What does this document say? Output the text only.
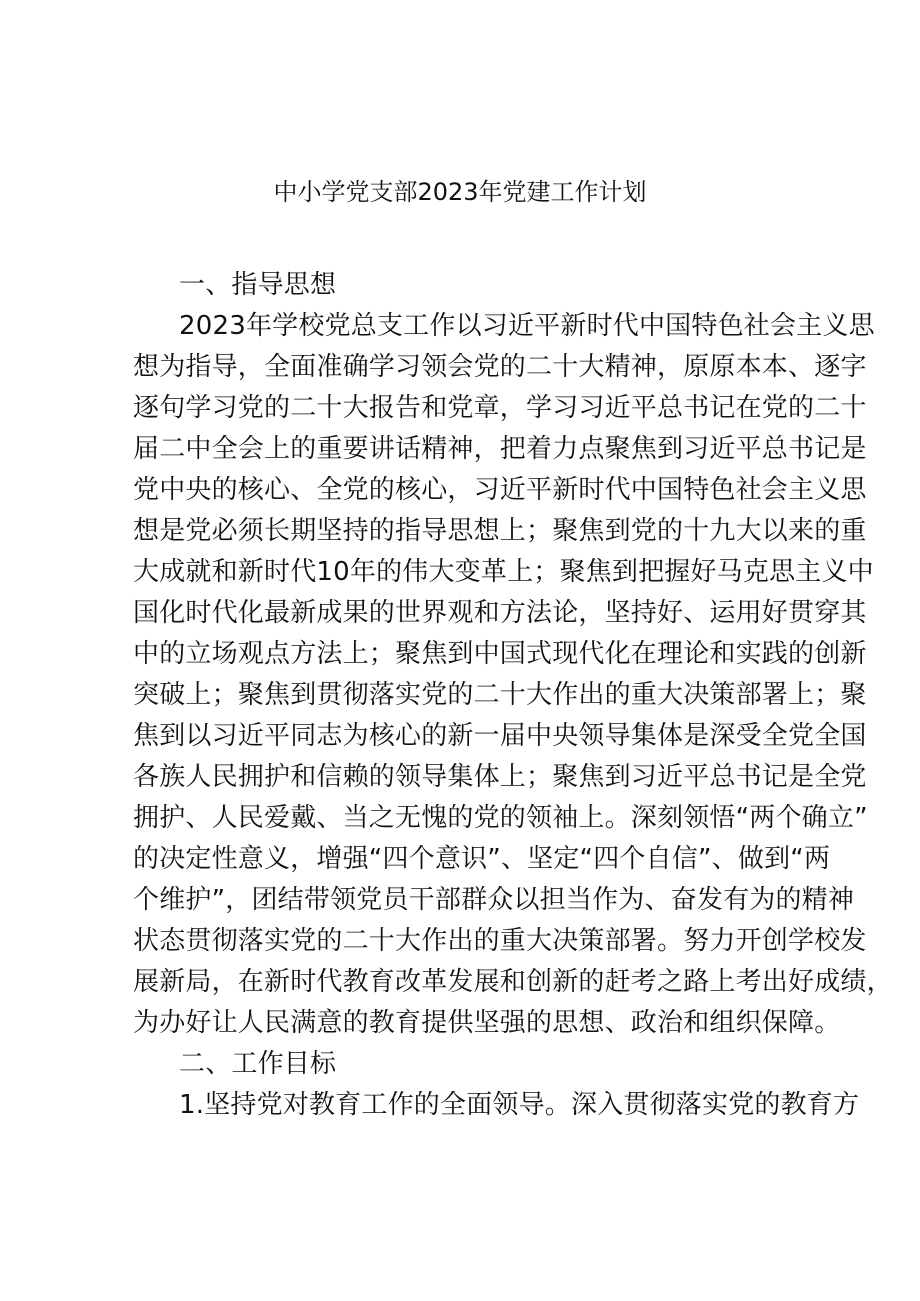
中小学党支部2023年党建工作计划
一、指导思想
2023年学校党总支工作以习近平新时代中国特色社会主义思
想为指导，全面准确学习领会党的二十大精神，原原本本、逐字
逐句学习党的二十大报告和党章，学习习近平总书记在党的二十
届二中全会上的重要讲话精神，把着力点聚焦到习近平总书记是
党中央的核心、全党的核心，习近平新时代中国特色社会主义思
想是党必须长期坚持的指导思想上；聚焦到党的十九大以来的重
大成就和新时代10年的伟大变革上；聚焦到把握好马克思主义中
国化时代化最新成果的世界观和方法论，坚持好、运用好贯穿其
中的立场观点方法上；聚焦到中国式现代化在理论和实践的创新
突破上；聚焦到贯彻落实党的二十大作出的重大决策部署上；聚
焦到以习近平同志为核心的新一届中央领导集体是深受全党全国
各族人民拥护和信赖的领导集体上；聚焦到习近平总书记是全党
拥护、人民爱戴、当之无愧的党的领袖上。深刻领悟“两个确立”
的决定性意义，增强“四个意识”、坚定“四个自信”、做到“两
个维护”，团结带领党员干部群众以担当作为、奋发有为的精神
状态贯彻落实党的二十大作出的重大决策部署。努力开创学校发
展新局，在新时代教育改革发展和创新的赶考之路上考出好成绩，
为办好让人民满意的教育提供坚强的思想、政治和组织保障。
二、工作目标
1.坚持党对教育工作的全面领导。深入贯彻落实党的教育方
